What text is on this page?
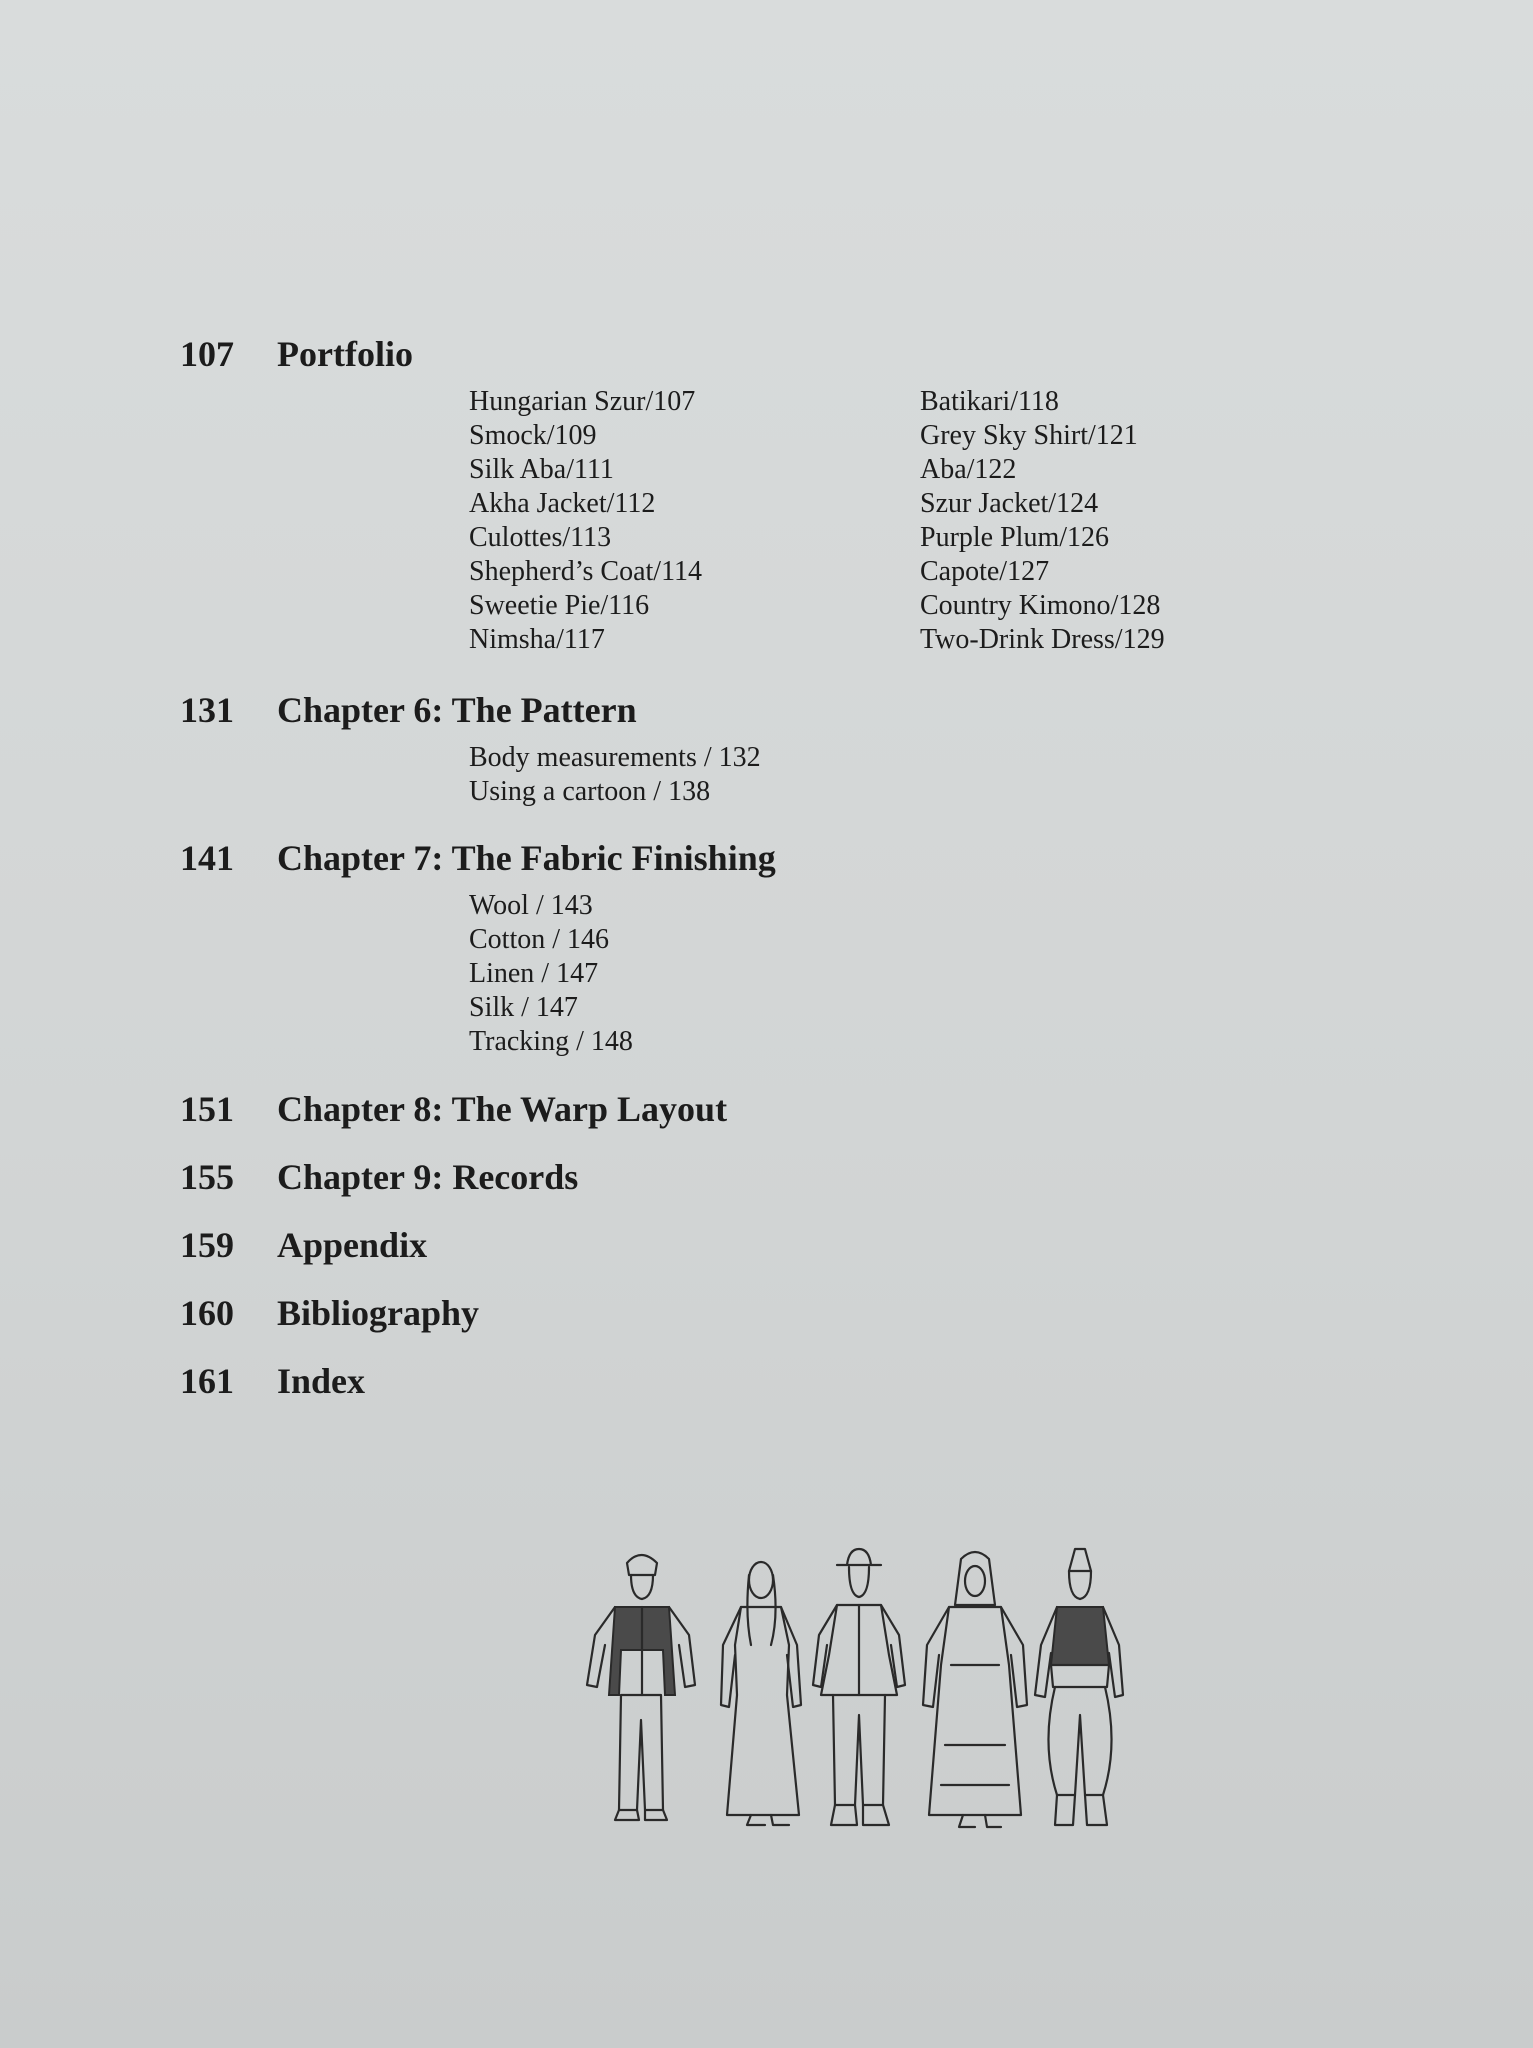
107 Portfolio
Hungarian Szur/107
Smock/109
Silk Aba/111
Akha Jacket/112
Culottes/113
Shepherd’s Coat/114
Sweetie Pie/116
Nimsha/117
Batikari/118
Grey Sky Shirt/121
Aba/122
Szur Jacket/124
Purple Plum/126
Capote/127
Country Kimono/128
Two-Drink Dress/129
131 Chapter 6: The Pattern
Body measurements / 132
Using a cartoon / 138
141 Chapter 7: The Fabric Finishing
Wool / 143
Cotton / 146
Linen / 147
Silk / 147
Tracking / 148
151 Chapter 8: The Warp Layout
155 Chapter 9: Records
159 Appendix
160 Bibliography
161 Index
